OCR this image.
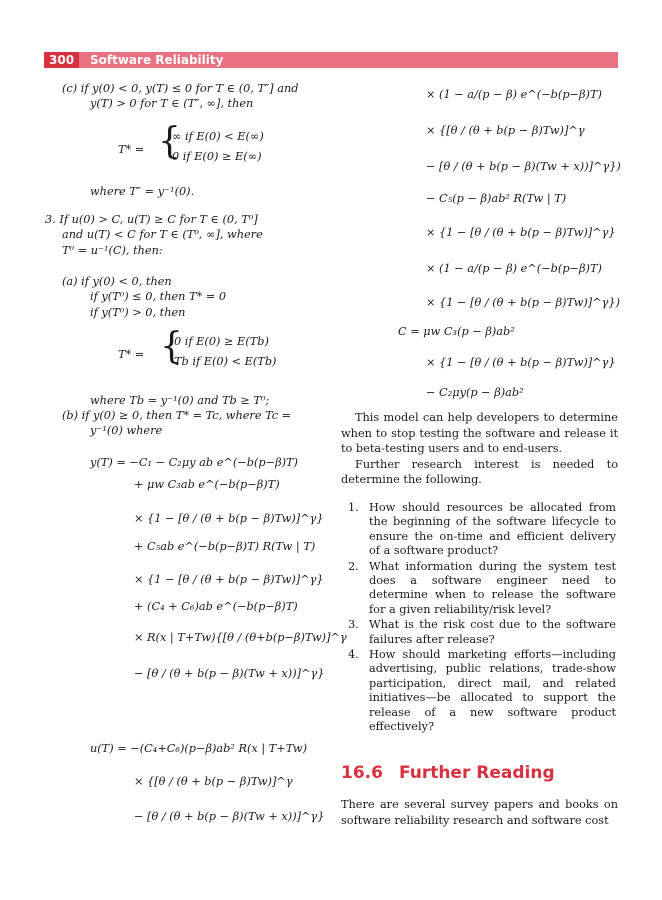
300	Software Reliability
(c) if y(0) < 0, y(T) ≤ 0 for T ∈ (0, T″] and
y(T) > 0 for T ∈ (T″, ∞], then
T* = {
∞ if E(0) < E(∞)
0 if E(0) ≥ E(∞)
where T″ = y⁻¹(0).
3. If u(0) > C, u(T) ≥ C for T ∈ (0, T⁰]
and u(T) < C for T ∈ (T⁰, ∞], where
T⁰ = u⁻¹(C), then:
(a) if y(0) < 0, then
if y(T⁰) ≤ 0, then T* = 0
if y(T⁰) > 0, then
T* = {
0 if E(0) ≥ E(Tb)
Tb if E(0) < E(Tb)
where Tb = y⁻¹(0) and Tb ≥ T⁰;
(b) if y(0) ≥ 0, then T* = Tc, where Tc =
y⁻¹(0) where
y(T) = −C₁ − C₂μy ab e^(−b(p−β)T)
+ μw C₃ab e^(−b(p−β)T)
× {1 − [θ / (θ + b(p − β)Tw)]^γ}
+ C₅ab e^(−b(p−β)T) R(Tw | T)
× {1 − [θ / (θ + b(p − β)Tw)]^γ}
+ (C₄ + C₆)ab e^(−b(p−β)T)
× R(x | T+Tw){[θ / (θ+b(p−β)Tw)]^γ
− [θ / (θ + b(p − β)(Tw + x))]^γ}
u(T) = −(C₄+C₆)(p−β)ab² R(x | T+Tw)
× {[θ / (θ + b(p − β)Tw)]^γ
− [θ / (θ + b(p − β)(Tw + x))]^γ}
× (1 − a/(p − β) e^(−b(p−β)T)
× {[θ / (θ + b(p − β)Tw)]^γ
− [θ / (θ + b(p − β)(Tw + x))]^γ})
− C₅(p − β)ab² R(Tw | T)
× {1 − [θ / (θ + b(p − β)Tw)]^γ}
× (1 − a/(p − β) e^(−b(p−β)T)
× {1 − [θ / (θ + b(p − β)Tw)]^γ})
C = μw C₃(p − β)ab²
× {1 − [θ / (θ + b(p − β)Tw)]^γ}
− C₂μy(p − β)ab²

This model can help developers to determine when to stop testing the software and release it to beta-testing users and to end-users.

Further research interest is needed to determine the following.

1. How should resources be allocated from the beginning of the software lifecycle to ensure the on-time and efficient delivery of a software product?
2. What information during the system test does a software engineer need to determine when to release the software for a given reliability/risk level?
3. What is the risk cost due to the software failures after release?
4. How should marketing efforts—including advertising, public relations, trade-show participation, direct mail, and related initiatives—be allocated to support the release of a new software product effectively?
16.6 Further Reading
There are several survey papers and books on software reliability research and software cost
